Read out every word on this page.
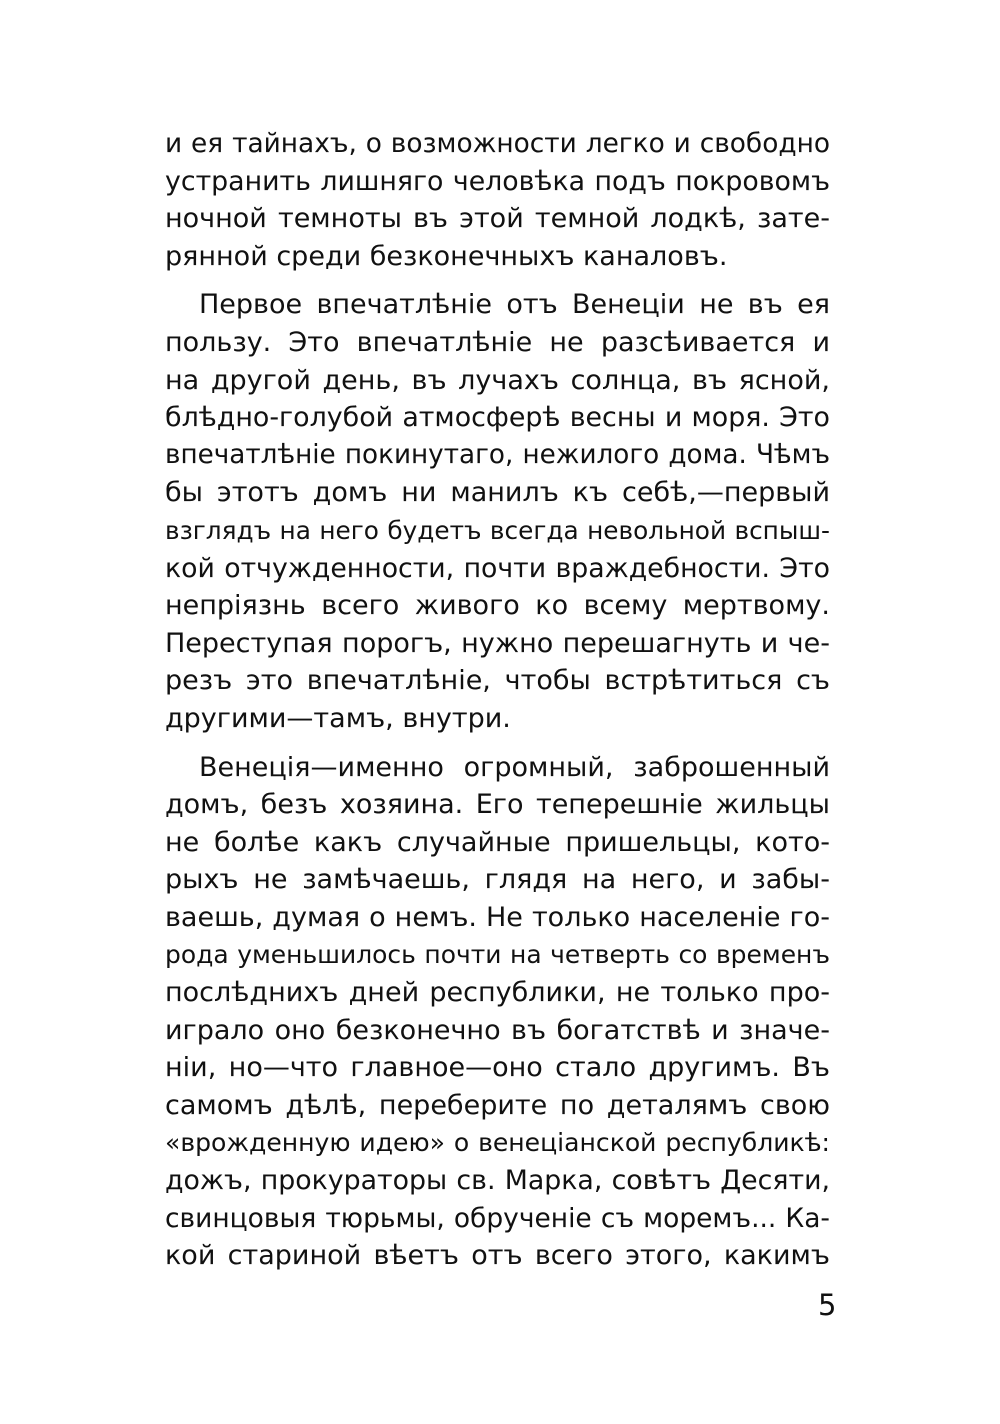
и ея тайнахъ, о возможности легко и свободно
устранить лишняго человѣка подъ покровомъ
ночной темноты въ этой темной лодкѣ, зате-
рянной среди безконечныхъ каналовъ.

Первое впечатлѣніе отъ Венеціи не въ ея
пользу. Это впечатлѣніе не разсѣивается и
на другой день, въ лучахъ солнца, въ ясной,
блѣдно-голубой атмосферѣ весны и моря. Это
впечатлѣніе покинутаго, нежилого дома. Чѣмъ
бы этотъ домъ ни манилъ къ себѣ,—первый
взглядъ на него будетъ всегда невольной вспыш-
кой отчужденности, почти враждебности. Это
непріязнь всего живого ко всему мертвому.
Переступая порогъ, нужно перешагнуть и че-
резъ это впечатлѣніе, чтобы встрѣтиться съ
другими—тамъ, внутри.

Венеція—именно огромный, заброшенный
домъ, безъ хозяина. Его теперешніе жильцы
не болѣе какъ случайные пришельцы, кото-
рыхъ не замѣчаешь, глядя на него, и забы-
ваешь, думая о немъ. Не только населеніе го-
рода уменьшилось почти на четверть со временъ
послѣднихъ дней республики, не только про-
играло оно безконечно въ богатствѣ и значе-
ніи, но—что главное—оно стало другимъ. Въ
самомъ дѣлѣ, переберите по деталямъ свою
«врожденную идею» о венеціанской республикѣ:
дожъ, прокураторы св. Марка, совѣтъ Десяти,
свинцовыя тюрьмы, обрученіе съ моремъ... Ка-
кой стариной вѣетъ отъ всего этого, какимъ

5
